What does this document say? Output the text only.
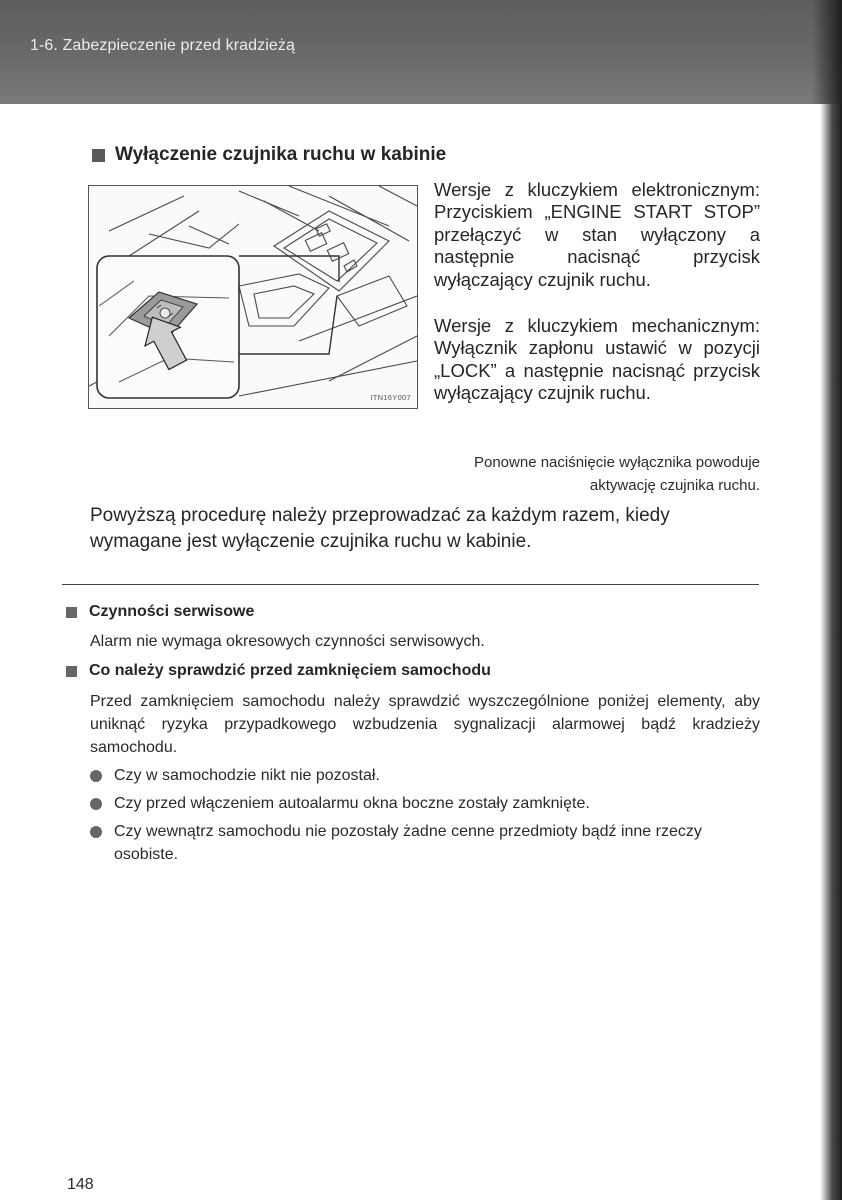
1-6. Zabezpieczenie przed kradzieżą
Wyłączenie czujnika ruchu w kabinie
ITN16Y007

Wersje z kluczykiem elektronicznym: Przyciskiem „ENGINE START STOP” przełączyć w stan wyłączony a następnie nacisnąć przycisk wyłączający czujnik ruchu.

Wersje z kluczykiem mechanicznym: Wyłącznik zapłonu ustawić w pozycji „LOCK” a następnie nacisnąć przycisk wyłączający czujnik ruchu.

Ponowne naciśnięcie wyłącznika powoduje aktywację czujnika ruchu.

Powyższą procedurę należy przeprowadzać za każdym razem, kiedy wymagane jest wyłączenie czujnika ruchu w kabinie.

Czynności serwisowe

Alarm nie wymaga okresowych czynności serwisowych.

Co należy sprawdzić przed zamknięciem samochodu

Przed zamknięciem samochodu należy sprawdzić wyszczególnione poniżej elementy, aby uniknąć ryzyka przypadkowego wzbudzenia sygnalizacji alarmowej bądź kradzieży samochodu.

Czy w samochodzie nikt nie pozostał.
Czy przed włączeniem autoalarmu okna boczne zostały zamknięte.
Czy wewnątrz samochodu nie pozostały żadne cenne przedmioty bądź inne rzeczy osobiste.
148
